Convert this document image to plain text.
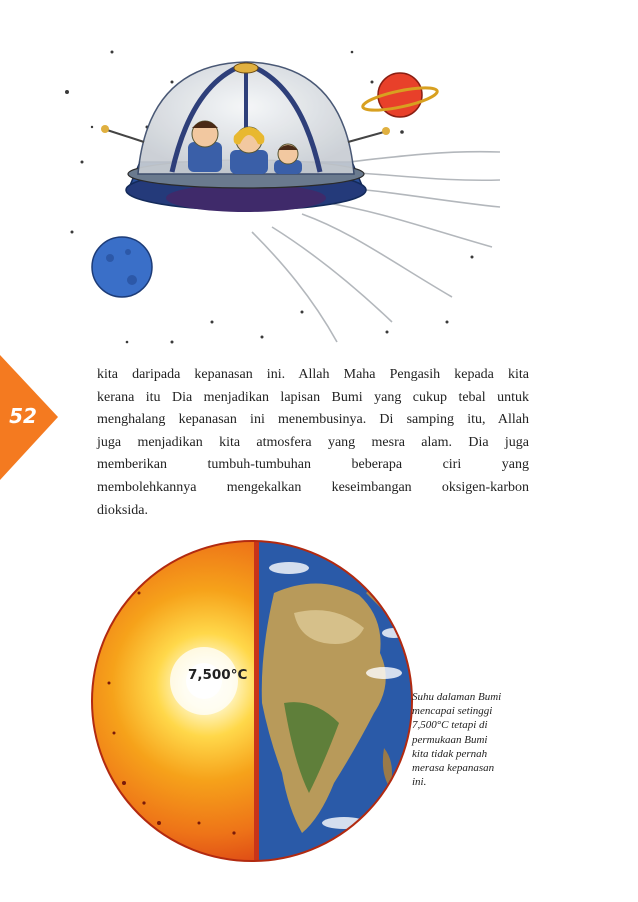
52
kita daripada kepanasan ini. Allah Maha Pengasih kepada kita
kerana itu Dia menjadikan lapisan Bumi yang cukup tebal untuk
menghalang kepanasan ini menembusinya. Di samping itu, Allah
juga menjadikan kita atmosfera yang mesra alam. Dia juga
memberikan tumbuh-tumbuhan beberapa ciri yang
membolehkannya mengekalkan keseimbangan oksigen-karbon
dioksida.
7,500°C
Suhu dalaman Bumi
mencapai setinggi
7,500°C tetapi di
permukaan Bumi
kita tidak pernah
merasa kepanasan
ini.
